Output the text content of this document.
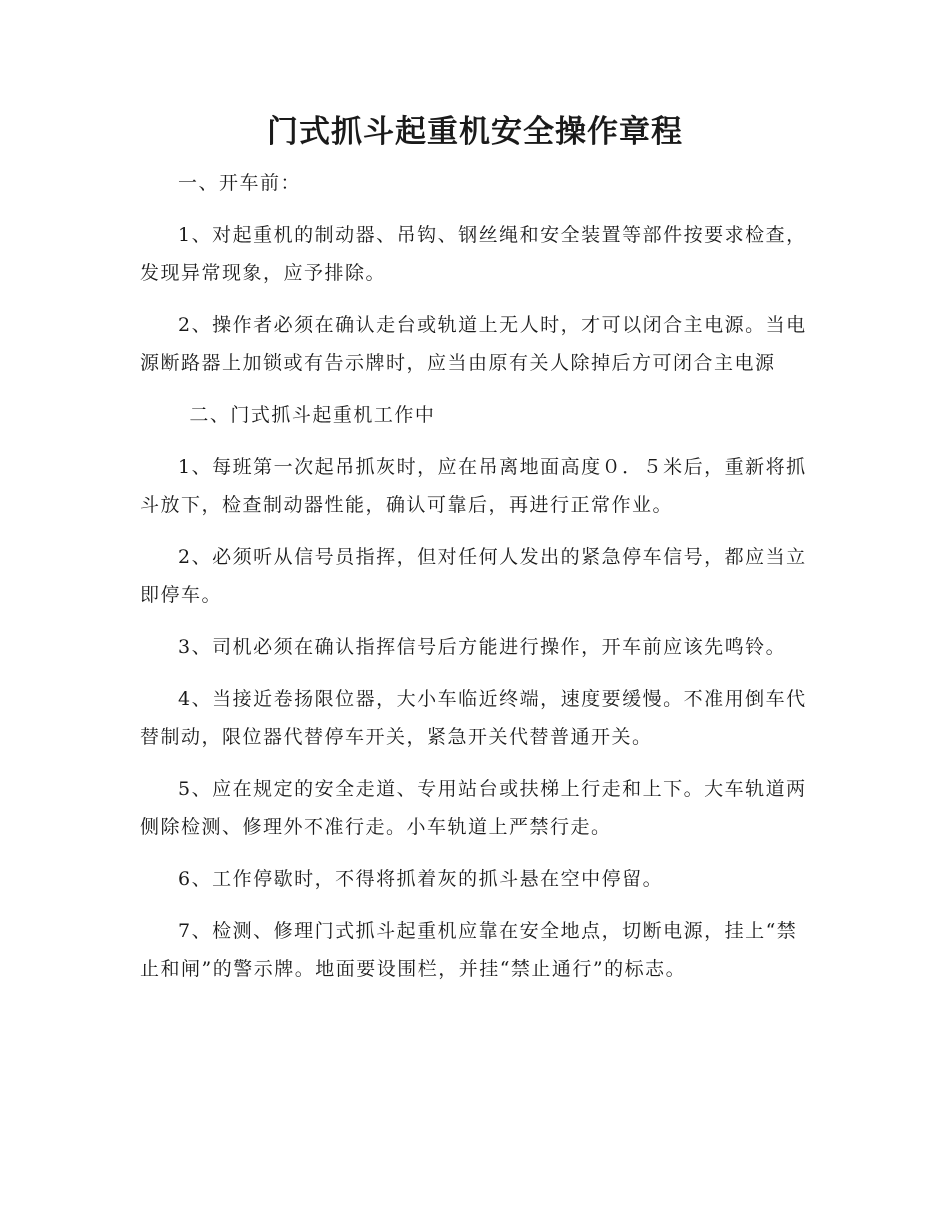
门式抓斗起重机安全操作章程
一、开车前：

1、对起重机的制动器、吊钩、钢丝绳和安全装置等部件按要求检查，发现异常现象，应予排除。

2、操作者必须在确认走台或轨道上无人时，才可以闭合主电源。当电源断路器上加锁或有告示牌时，应当由原有关人除掉后方可闭合主电源

二、门式抓斗起重机工作中

1、每班第一次起吊抓灰时，应在吊离地面高度０．５米后，重新将抓斗放下，检查制动器性能，确认可靠后，再进行正常作业。

2、必须听从信号员指挥，但对任何人发出的紧急停车信号，都应当立即停车。

3、司机必须在确认指挥信号后方能进行操作，开车前应该先鸣铃。

4、当接近卷扬限位器，大小车临近终端，速度要缓慢。不准用倒车代替制动，限位器代替停车开关，紧急开关代替普通开关。

5、应在规定的安全走道、专用站台或扶梯上行走和上下。大车轨道两侧除检测、修理外不准行走。小车轨道上严禁行走。

6、工作停歇时，不得将抓着灰的抓斗悬在空中停留。

7、检测、修理门式抓斗起重机应靠在安全地点，切断电源，挂上“禁止和闸”的警示牌。地面要设围栏，并挂“禁止通行”的标志。
